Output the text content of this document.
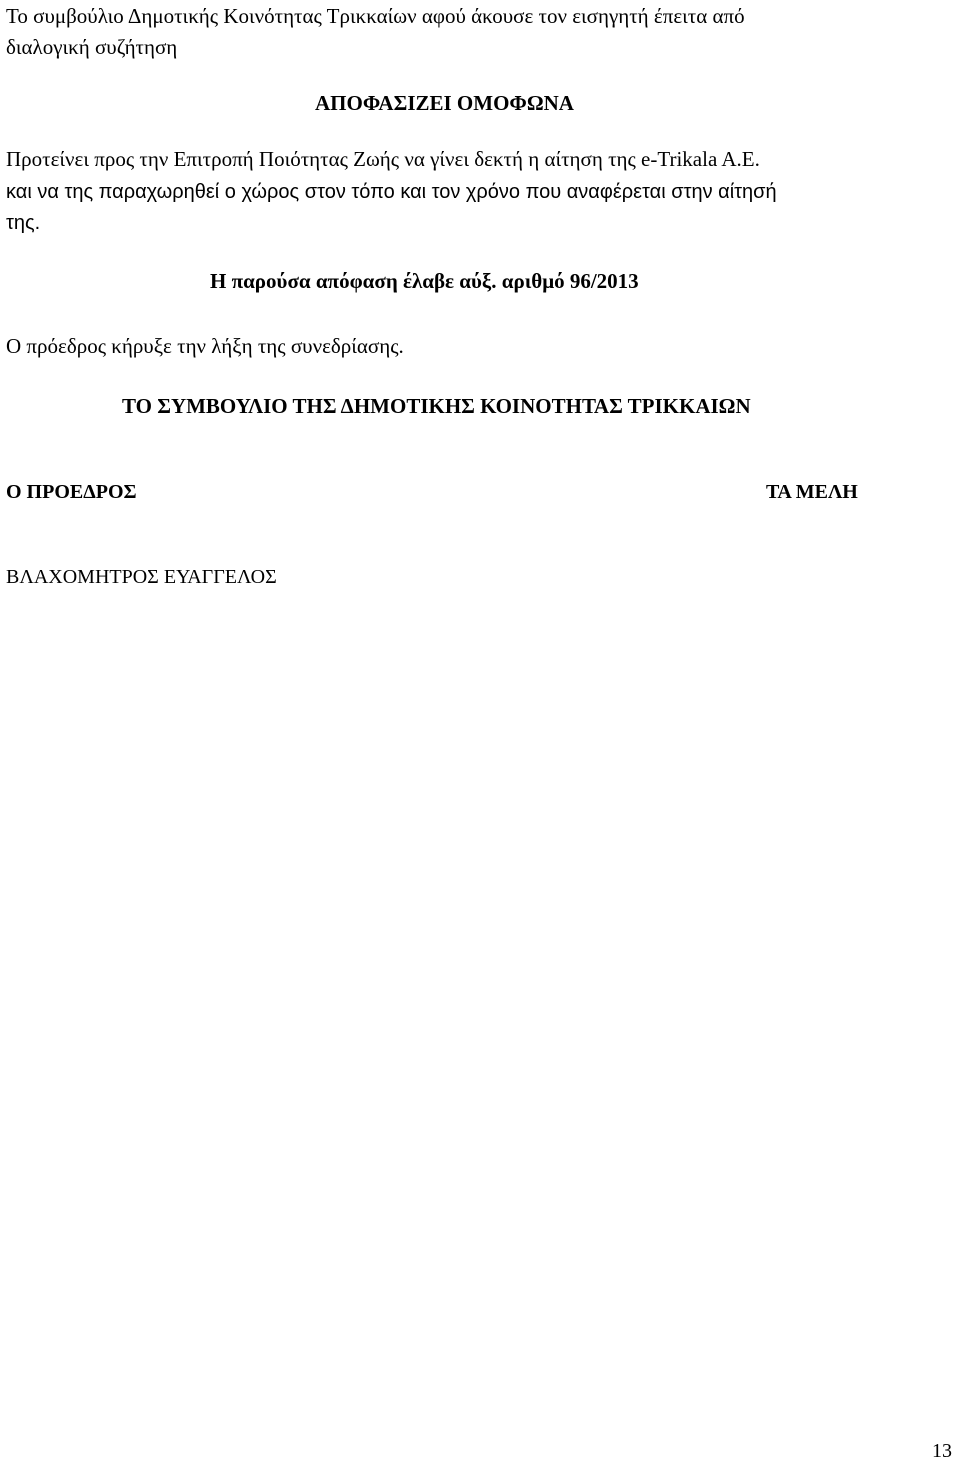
Το συμβούλιο Δημοτικής Κοινότητας Τρικκαίων αφού άκουσε τον εισηγητή έπειτα από
διαλογική συζήτηση
ΑΠΟΦΑΣΙΖΕΙ ΟΜΟΦΩΝΑ
Προτείνει προς την Επιτροπή Ποιότητας Ζωής να γίνει δεκτή η αίτηση της e-Trikala A.E.
και να της παραχωρηθεί ο χώρος στον τόπο και τον χρόνο που αναφέρεται στην αίτησή
της.
Η παρούσα απόφαση έλαβε αύξ. αριθμό 96/2013
Ο πρόεδρος κήρυξε την λήξη της συνεδρίασης.
ΤΟ ΣΥΜΒΟΥΛΙΟ ΤΗΣ ΔΗΜΟΤΙΚΗΣ ΚΟΙΝΟΤΗΤΑΣ ΤΡΙΚΚΑΙΩΝ
Ο ΠΡΟΕΔΡΟΣ	ΤΑ ΜΕΛΗ
ΒΛΑΧΟΜΗΤΡΟΣ ΕΥΑΓΓΕΛΟΣ
13
